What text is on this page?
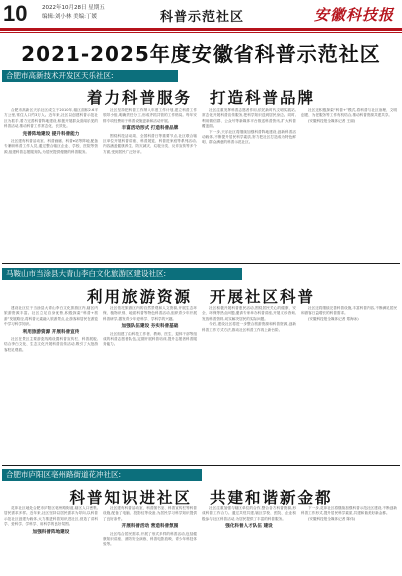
10	2022年10月28日 星期五
编辑:刘小林 美编:丁媛	科普示范社区	安徽科技报
2021-2025年度安徽省科普示范社区
合肥市高新技术开发区天乐社区:
着力科普服务 打造科普品牌

合肥市高新区天乐社区成立于2010年,辖区面积2.6平方公里,常住人口约3万人。近年来,社区以创建科普示范社区为抓手,着力完善科普阵地建设,积极开展群众喜闻乐见的科普活动,推动科普工作常态化、长效化。

完善阵地建设 提升科普能力

社区建有科普活动室、科普画廊、科普e站等阵地,配备专兼职科普工作人员,通过整合辖区企业、学校、医院等资源,组建科普志愿服务队,为居民提供便捷的科普服务。

社区坚持把科普工作纳入年度工作计划,建立科普工作领导小组,明确责任分工,形成齐抓共管的工作格局。每年安排专项经费用于科普设施更新和活动开展。

丰富活动形式 打造科普品牌

围绕科技活动周、全国科普日等重要节点,社区联合辖区单位开展科普讲座、科普展览、科普进家庭等系列活动,内容涵盖健康养生、防灾减灾、垃圾分类、反诈宣传等多个方面,受到居民广泛好评。

社区注重发挥科普志愿者作用,依托新时代文明实践站,常态化开展科普宣传服务,把科学知识送到居民身边。同时,利用微信群、公众号等新媒体平台推送科普资讯,扩大科普覆盖面。

下一步,天乐社区将继续加强科普阵地建设,创新科普活动载体,不断提升居民科学素质,努力把社区打造成为特色鲜明、群众满意的科普示范社区。

社区还积极探索“科普+”模式,将科普与社区治理、文明创建、为老服务等工作有机结合,推动科普资源共建共享。

(安徽科技报全媒体记者 王丽)

马鞍山市当涂县大青山李白文化旅游区建设社区:
利用旅游资源 开展社区科普

建设社区位于当涂县大青山李白文化旅游区内,辖区内旅游资源丰富。社区立足自身优势,积极探索“科普+旅游”发展路径,将科普元素融入旅游景点,让游客和居民在游览中学习科学知识。

利用旅游资源 开展科普宣传

社区在景区主要游览线路设置科普宣传栏、科普展板,结合李白文化、生态文化开展科普宣传活动,吸引了大批游客驻足观看。

社区依托旅游区内的自然景观和人文资源,开展生态环保、植物识别、地质科普等特色科普活动,组织青少年开展科普研学,激发青少年爱科学、学科学的兴趣。

加强队伍建设 夯实科普基础

社区组建了由科技工作者、教师、医生、退休干部等组成的科普志愿者队伍,定期开展科普培训,提升志愿者科普服务能力。

社区积极开展科普惠民活动,围绕居民关心的健康、安全、环保等热点问题,邀请专家举办科普讲座,开展义诊咨询,发放科普资料,切实解决居民的实际问题。

今后,建设社区将进一步整合旅游资源和科普资源,创新科普工作方式方法,推动社区科普工作再上新台阶。

社区还将继续完善科普设施,丰富科普内容,不断满足居民和游客日益增长的科普需求。

(安徽科技报全媒体记者 郑海冰)

合肥市庐阳区亳州路街道花冲社区:
科普知识进社区 共建和谐新金都

花冲社区地处合肥市庐阳区亳州路街道,辖区人口密集,居民需求多样。近年来,社区坚持以居民需求为导向,以科普示范社区创建为载体,大力推进科普知识进社区,营造了讲科学、爱科学、学科学、用科学的良好氛围。

加强科普阵地建设

社区建有科普活动室、科普图书室、科普宣传栏等科普设施,配备了电脑、投影仪等设备,为居民学习科学知识提供了良好条件。

开展科普活动 营造科普氛围

社区结合居民需求,开展了形式多样的科普活动,包括健康知识讲座、消防安全演练、科普电影放映、青少年科技体验等。

社区注重加强与辖区单位的合作,整合各方科普资源,形成科普工作合力。通过共驻共建,辖区学校、医院、企业积极参与社区科普活动,为居民提供了丰富的科普服务。

强化科普人才队伍 建设

下一步,花冲社区将继续加强科普示范社区建设,不断创新科普工作形式,提升居民科学素质,共建和谐美好新金都。

(安徽科技报全媒体记者 陈伟)
